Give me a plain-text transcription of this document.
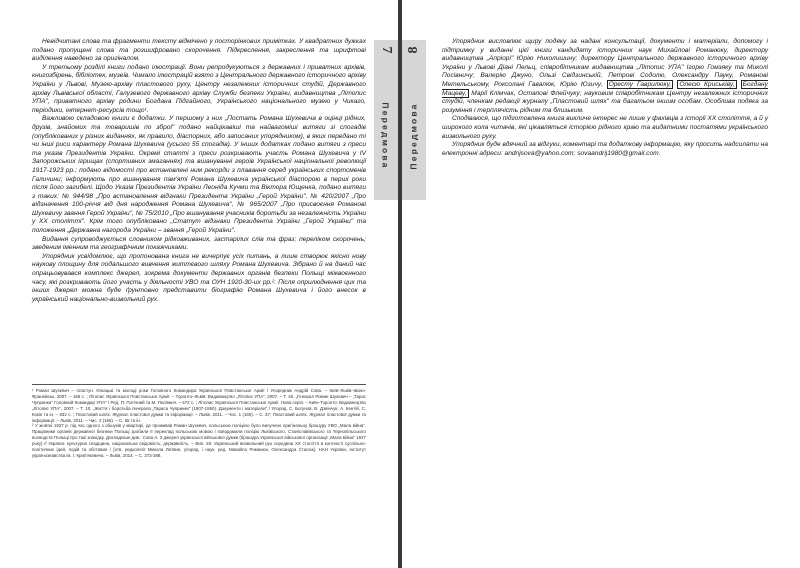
7
Передмова

Невідчитані слова та фрагменти тексту відмічено у посторінкових примітках. У квадратних дужках подано пропущені слова та розшифровано скорочення. Підкреслення, закреслення та шрифтові виділення наведено за оригіналом.

У третьому розділі книги подано ілюстрації. Вони репродукуються з державних і приватних архівів, книгозбірень, бібліотек, музеїв. Чимало ілюстрацій взято з Центрального державного історичного архіву України у Львові, Музею-архіву пластового руху, Центру незалежних історичних студій, Державного архіву Львівської області, Галузевого державного архіву Служби безпеки України, видавництва „Літопис УПА", приватного архіву родини Богдана Підгайного, Українського національного музею у Чикаго, періодики, інтернет-ресурсів тощо¹.

Важливою складовою книги є додатки. У першому з них „Постать Романа Шухевича в оцінці рідних, друзів, знайомих та товаришів по зброї" подано найцікавіші та найвагоміші витяги зі спогадів (опублікованих у різних виданнях, як правило, діаспорних, або записаних упорядником), в яких передано ті чи інші риси характеру Романа Шухевича (усього 55 спогадів). У інших додатках подано витяги з преси та указів Президентів України. Окремі статті з преси розкривають участь Романа Шухевича у IV Запорожських ігрищах (спортивних змаганнях) та вшануванні героїв Української національної революції 1917-1923 рр.; подано відомості про встановлені ним рекорди з плавання серед українських спортсменів Галичини; інформують про вшанування пам'яті Романа Шухевича української діаспорою в перші роки після його загибелі. Щодо Указів Президентів України Леоніда Кучми та Віктора Ющенка, подано витяги з таких: № 944/98 „Про встановлення відзнаки Президента України „Герой України", № 420/2007 „Про відзначення 100-річчя від дня народження Романа Шухевича", № 965/2007 „Про присвоєння Романові Шухевичу звання Герой України", № 75/2010 „Про вшанування учасників боротьби за незалежність України у XX столітті". Крім того опубліковано „Статут відзнаки Президента України „Герой України" та положення „Державна нагорода України – звання „Герой України".

Видання супроводжується словником рідковживаних, застарілих слів та фраз; переліком скорочень; зведеним іменним та географічним покажчиками.

Упорядник усвідомлює, що пропонована книга не вичерпує усіх питань, а лише створює якісно нову наукову площину для подальшого вивчення життєвого шляху Романа Шухевича. Зібрано й на даний час опрацьовувався комплекс джерел, зокрема документи державних органів безпеки Польщі міжвоєнного часу, які розкривають його участь у діяльності УВО та ОУН 1920-30-их рр.². Після оприлюднення цих та інших джерел можна буде ґрунтовно представити біографію Романа Шухевича і його внесок в український національно-визвольний рух.

¹ Роман Шухевич – пластун. Юнацькі та молоді роки Головного Командира Української Повстанської Армії / Упорядник Андрій Сова. – Київ–Львів–Івано-Франківськ, 2007. – 168 с. ; Літопис Української Повстанської Армії. – Торонто–Львів: Видавництво „Літопис УПА", 2007. – Т. 45. „Генерал Роман Шухевич – „Тарас Чупринка" Головний Командир УПА" / Ред. П. Потічний та М. Посівнич. – 572 с. ; Літопис Української Повстанської Армії. Нова серія. – Київ–Торонто: Видавництво „Літопис УПА", 2007. – Т. 10. „Життя і боротьба генерала „Тараса Чупринки" (1907-1950). Документи і матеріали" / Упоряд. С. Богунов, В. Дзвінчук, А. Кентій, С. Кокін та ін. – 832 с. ; Пластовий шлях. Журнал пластової думки та інформації. – Львів, 2011. – Чис. 1 (165). – С. 37; Пластовий шлях. Журнал пластової думки та інформації. – Львів, 2011. – Чис. 2 (166). – С. 55 та ін.

² У жовтні 1927 р. під час одного з обшуків у квартирі, де проживав Роман Шухевич, польською поліцією було вилучено оригінальну брошуру УВО „Мала війна". Працівники органів державної безпеки Польщі зробили її переклад польською мовою і поводомили поліцію Львівського, Станіславівського та Тернопільського воєводств Польщі про такі знахідку. Докладніше див.: Сова А. З джерел української військової думки (брошура Української військової організації „Мала війна" 1927 року) // Україна: культурна спадщина, національна свідомість, державність. – Вип. 26: Український визвольний рух середини XX століття в контексті суспільно-політичних ідей, подій та обставин / [отв. редколегії Микола Литвин, упоряд. і наук. ред. Микайло Романюк, Олександра Стасюк]. НАН України, Інститут українознавства ім. І. Крип'якевича. – Львів, 2014. – С. 373-388.

8
Передмова

Упорядник висловлює щиру подяку за надані консультації, документи і матеріали, допомогу і підтримку у виданні цієї книги кандидату історичних наук Михайлові Романюку, директору видавництва „Апріорі" Юрію Николишину; директору Центрального державного історичного архіву України у Львові Діані Пельц, співробітникам видавництва „Літопис УПА" Ігорю Гомзяку та Миколі Посівничу; Валерію Джуно, Ользі Свідзинській, Петрові Содолю, Олександру Пауку, Романові Метельському, Роксолані Гавалюк, Юрію Юзичу, Оресту Гаврилюку, Олесю Криськіву, Богдану Мацеву, Марії Клімчак, Остапові Флейчуку; науковим співробітникам Центру незалежних історичних студій, членкам редакції журналу „Пластовий шлях" та багатьом іншим особам. Особлива подяка за розуміння і терплячість рідним та близьким.

Сподіваюся, що підготовлена книга викличе інтерес не лише у фахівців з історії XX століття, а й у широкого кола читачів, які цікавляться історією рідного краю та видатними постатями українського визвольного руху.

Упорядник буде вдячний за відгуки, коментарі та додаткову інформацію, яку просить надсилати на електронні адреси: andrijsova@yahoo.com; sovaandrij1980@gmail.com.
